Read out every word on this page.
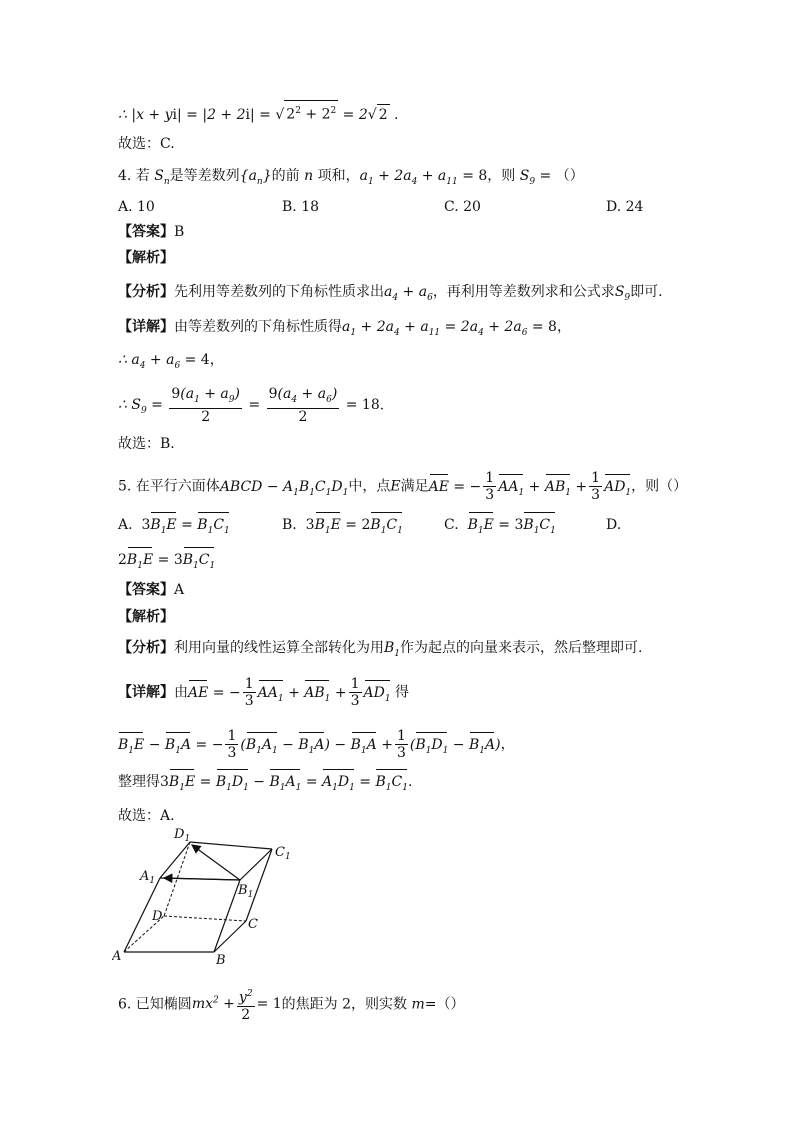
∴ |x + yi| = |2 + 2i| = √ $2^2 + 2^2 = 2√$ 2 .
故选：C.
4. 若 $S_n$是等差数列$\{a_n\}$的前 n 项和，$a_1 + 2a_4 + a_{11} = 8$，则 $S_9$ = （）
A. 10	B. 18	C. 20	D. 24
【答案】B
【解析】
【分析】先利用等差数列的下角标性质求出$a_4 + a_6$，再利用等差数列求和公式求$S_9$即可.
【详解】由等差数列的下角标性质得$a_1 + 2a_4 + a_{11} = 2a_4 + 2a_6 = 8$，
∴ $a_4 + a_6 = 4$，
∴ $S_9 = \frac{9(a_1 + a_9)}{2} = \frac{9(a_4 + a_6)}{2} = 18$.
故选：B.
5. 在平行六面体ABCD − $A_1B_1C_1D_1$中，点E满足AE = − $\frac{1}{3} AA_1 + AB_1 + \frac{1}{3} AD_1$，则（）
A. $3B_1E = B_1C_1$	B. $3B_1E = 2B_1C_1$	C. $B_1E = 3B_1C_1$	D.
$2B_1E = 3B_1C_1$
【答案】A
【解析】
【分析】利用向量的线性运算全部转化为用$B_1$作为起点的向量来表示，然后整理即可.
【详解】由AE = − $\frac{1}{3} AA_1 + AB_1 + \frac{1}{3} AD_1$ 得
$B_1E - B_1A$ = − $\frac{1}{3} (B_1A_1 - B_1A) - B_1A + \frac{1}{3} (B_1D_1 - B_1A)$，
整理得$3B_1E = B_1D_1 - B_1A_1 = A_1D_1 = B_1C_1$.
故选：A.
$D_1$
$C_1$
$A_1$
$B_1$
D
C
A	B
6. 已知椭圆$mx^2 + \frac{y^2}{2} = 1$的焦距为 2，则实数 m=（）
